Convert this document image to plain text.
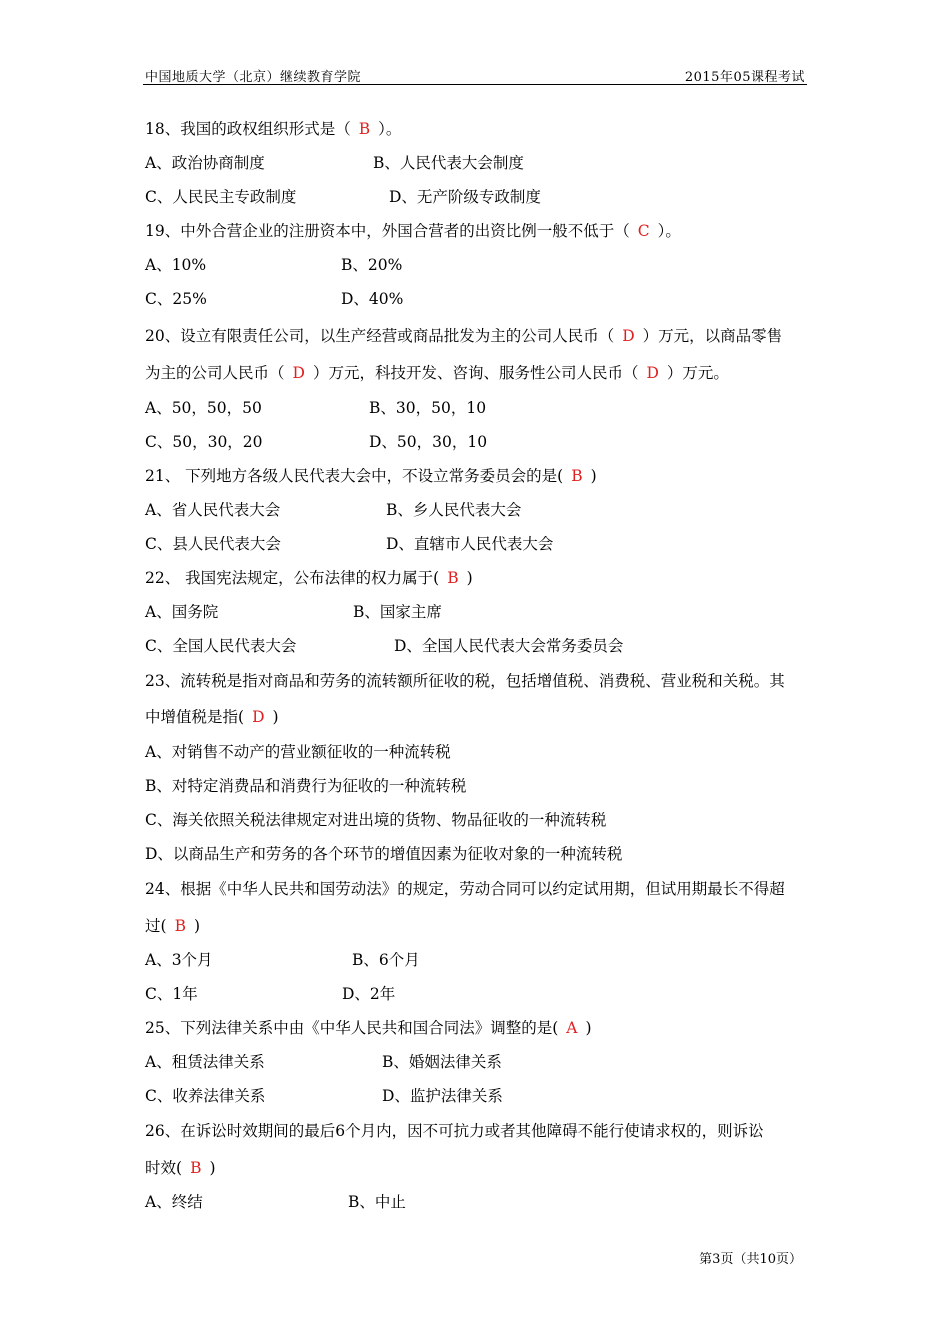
中国地质大学（北京）继续教育学院	2015年05课程考试
18、我国的政权组织形式是（ B ）。
A、政治协商制度	B、人民代表大会制度
C、人民民主专政制度	D、无产阶级专政制度
19、中外合营企业的注册资本中，外国合营者的出资比例一般不低于（ C ）。
A、10%	B、20%
C、25%	D、40%
20、设立有限责任公司，以生产经营或商品批发为主的公司人民币（ D ）万元，以商品零售
为主的公司人民币（ D ）万元，科技开发、咨询、服务性公司人民币（ D ）万元。
A、50，50，50	B、30，50，10
C、50，30，20	D、50，30，10
21、 下列地方各级人民代表大会中，不设立常务委员会的是( B )
A、省人民代表大会	B、乡人民代表大会
C、县人民代表大会	D、直辖市人民代表大会
22、 我国宪法规定，公布法律的权力属于( B )
A、国务院	B、国家主席
C、全国人民代表大会	D、全国人民代表大会常务委员会
23、流转税是指对商品和劳务的流转额所征收的税，包括增值税、消费税、营业税和关税。其
中增值税是指( D )
A、对销售不动产的营业额征收的一种流转税
B、对特定消费品和消费行为征收的一种流转税
C、海关依照关税法律规定对进出境的货物、物品征收的一种流转税
D、以商品生产和劳务的各个环节的增值因素为征收对象的一种流转税
24、根据《中华人民共和国劳动法》的规定，劳动合同可以约定试用期，但试用期最长不得超
过( B )
A、3个月	B、6个月
C、1年	D、2年
25、下列法律关系中由《中华人民共和国合同法》调整的是( A )
A、租赁法律关系	B、婚姻法律关系
C、收养法律关系	D、监护法律关系
26、在诉讼时效期间的最后6个月内，因不可抗力或者其他障碍不能行使请求权的，则诉讼
时效( B )
A、终结	B、中止
第3页（共10页）
